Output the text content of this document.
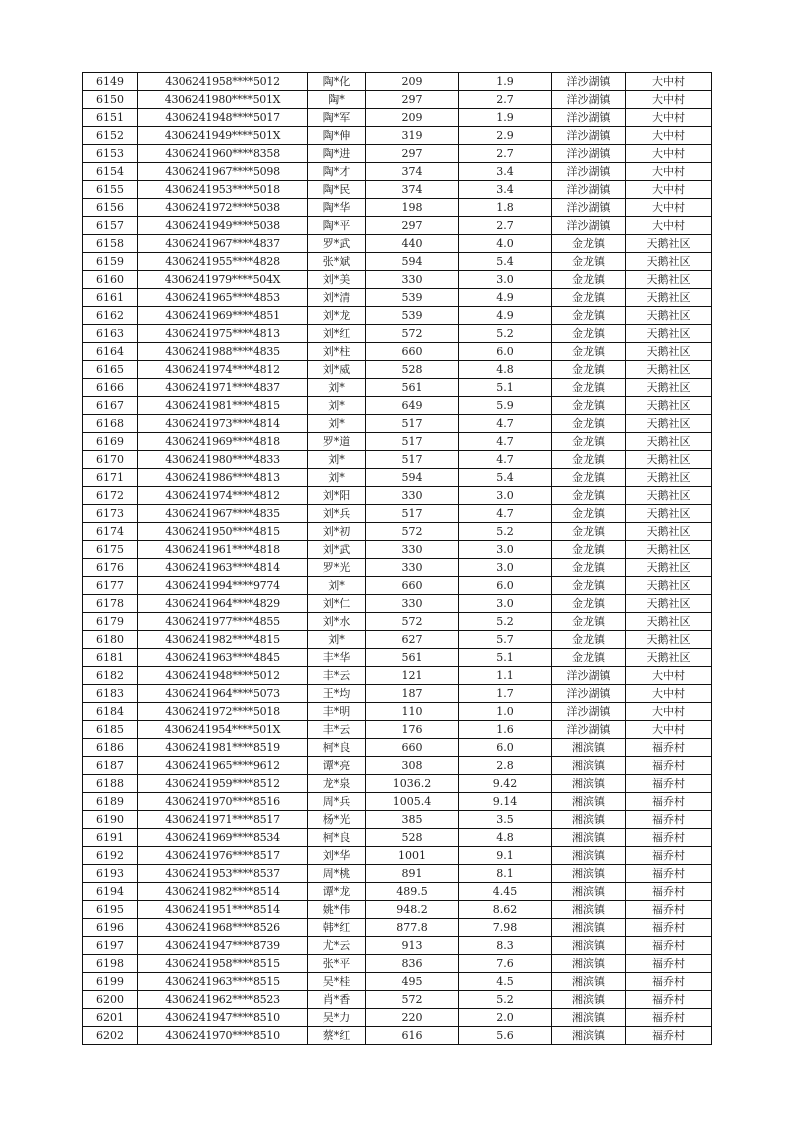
6149	4306241958****5012	陶*化	209	1.9	洋沙湖镇	大中村
6150	4306241980****501X	陶*	297	2.7	洋沙湖镇	大中村
6151	4306241948****5017	陶*军	209	1.9	洋沙湖镇	大中村
6152	4306241949****501X	陶*伸	319	2.9	洋沙湖镇	大中村
6153	4306241960****8358	陶*进	297	2.7	洋沙湖镇	大中村
6154	4306241967****5098	陶*才	374	3.4	洋沙湖镇	大中村
6155	4306241953****5018	陶*民	374	3.4	洋沙湖镇	大中村
6156	4306241972****5038	陶*华	198	1.8	洋沙湖镇	大中村
6157	4306241949****5038	陶*平	297	2.7	洋沙湖镇	大中村
6158	4306241967****4837	罗*武	440	4.0	金龙镇	天鹅社区
6159	4306241955****4828	张*斌	594	5.4	金龙镇	天鹅社区
6160	4306241979****504X	刘*美	330	3.0	金龙镇	天鹅社区
6161	4306241965****4853	刘*清	539	4.9	金龙镇	天鹅社区
6162	4306241969****4851	刘*龙	539	4.9	金龙镇	天鹅社区
6163	4306241975****4813	刘*红	572	5.2	金龙镇	天鹅社区
6164	4306241988****4835	刘*柱	660	6.0	金龙镇	天鹅社区
6165	4306241974****4812	刘*威	528	4.8	金龙镇	天鹅社区
6166	4306241971****4837	刘*	561	5.1	金龙镇	天鹅社区
6167	4306241981****4815	刘*	649	5.9	金龙镇	天鹅社区
6168	4306241973****4814	刘*	517	4.7	金龙镇	天鹅社区
6169	4306241969****4818	罗*道	517	4.7	金龙镇	天鹅社区
6170	4306241980****4833	刘*	517	4.7	金龙镇	天鹅社区
6171	4306241986****4813	刘*	594	5.4	金龙镇	天鹅社区
6172	4306241974****4812	刘*阳	330	3.0	金龙镇	天鹅社区
6173	4306241967****4835	刘*兵	517	4.7	金龙镇	天鹅社区
6174	4306241950****4815	刘*初	572	5.2	金龙镇	天鹅社区
6175	4306241961****4818	刘*武	330	3.0	金龙镇	天鹅社区
6176	4306241963****4814	罗*光	330	3.0	金龙镇	天鹅社区
6177	4306241994****9774	刘*	660	6.0	金龙镇	天鹅社区
6178	4306241964****4829	刘*仁	330	3.0	金龙镇	天鹅社区
6179	4306241977****4855	刘*水	572	5.2	金龙镇	天鹅社区
6180	4306241982****4815	刘*	627	5.7	金龙镇	天鹅社区
6181	4306241963****4845	丰*华	561	5.1	金龙镇	天鹅社区
6182	4306241948****5012	丰*云	121	1.1	洋沙湖镇	大中村
6183	4306241964****5073	王*均	187	1.7	洋沙湖镇	大中村
6184	4306241972****5018	丰*明	110	1.0	洋沙湖镇	大中村
6185	4306241954****501X	丰*云	176	1.6	洋沙湖镇	大中村
6186	4306241981****8519	柯*良	660	6.0	湘滨镇	福乔村
6187	4306241965****9612	谭*亮	308	2.8	湘滨镇	福乔村
6188	4306241959****8512	龙*泉	1036.2	9.42	湘滨镇	福乔村
6189	4306241970****8516	周*兵	1005.4	9.14	湘滨镇	福乔村
6190	4306241971****8517	杨*光	385	3.5	湘滨镇	福乔村
6191	4306241969****8534	柯*良	528	4.8	湘滨镇	福乔村
6192	4306241976****8517	刘*华	1001	9.1	湘滨镇	福乔村
6193	4306241953****8537	周*桃	891	8.1	湘滨镇	福乔村
6194	4306241982****8514	谭*龙	489.5	4.45	湘滨镇	福乔村
6195	4306241951****8514	姚*伟	948.2	8.62	湘滨镇	福乔村
6196	4306241968****8526	韩*红	877.8	7.98	湘滨镇	福乔村
6197	4306241947****8739	尤*云	913	8.3	湘滨镇	福乔村
6198	4306241958****8515	张*平	836	7.6	湘滨镇	福乔村
6199	4306241963****8515	吴*桂	495	4.5	湘滨镇	福乔村
6200	4306241962****8523	肖*香	572	5.2	湘滨镇	福乔村
6201	4306241947****8510	吴*力	220	2.0	湘滨镇	福乔村
6202	4306241970****8510	蔡*红	616	5.6	湘滨镇	福乔村
